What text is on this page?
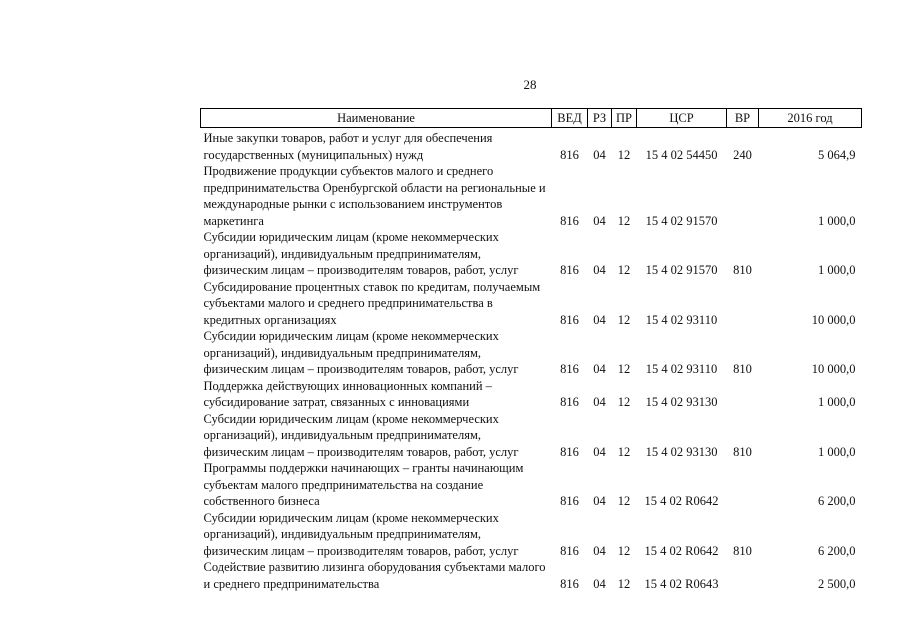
28
Наименование	ВЕД	РЗ	ПР	ЦСР	ВР	2016 год
Иные закупки товаров, работ и услуг для обеспечения государственных (муниципальных) нужд	816	04	12	15 4 02 54450	240	5 064,9
Продвижение продукции субъектов малого и среднего предпринимательства Оренбургской области на региональные и международные рынки с использованием инструментов маркетинга	816	04	12	15 4 02 91570		1 000,0
Субсидии юридическим лицам (кроме некоммерческих организаций), индивидуальным предпринимателям, физическим лицам – производителям товаров, работ, услуг	816	04	12	15 4 02 91570	810	1 000,0
Субсидирование процентных ставок по кредитам, получаемым субъектами малого и среднего предпринимательства в кредитных организациях	816	04	12	15 4 02 93110		10 000,0
Субсидии юридическим лицам (кроме некоммерческих организаций), индивидуальным предпринимателям, физическим лицам – производителям товаров, работ, услуг	816	04	12	15 4 02 93110	810	10 000,0
Поддержка действующих инновационных компаний – субсидирование затрат, связанных с инновациями	816	04	12	15 4 02 93130		1 000,0
Субсидии юридическим лицам (кроме некоммерческих организаций), индивидуальным предпринимателям, физическим лицам – производителям товаров, работ, услуг	816	04	12	15 4 02 93130	810	1 000,0
Программы поддержки начинающих – гранты начинающим субъектам малого предпринимательства на создание собственного бизнеса	816	04	12	15 4 02 R0642		6 200,0
Субсидии юридическим лицам (кроме некоммерческих организаций), индивидуальным предпринимателям, физическим лицам – производителям товаров, работ, услуг	816	04	12	15 4 02 R0642	810	6 200,0
Содействие развитию лизинга оборудования субъектами малого и среднего предпринимательства	816	04	12	15 4 02 R0643		2 500,0
